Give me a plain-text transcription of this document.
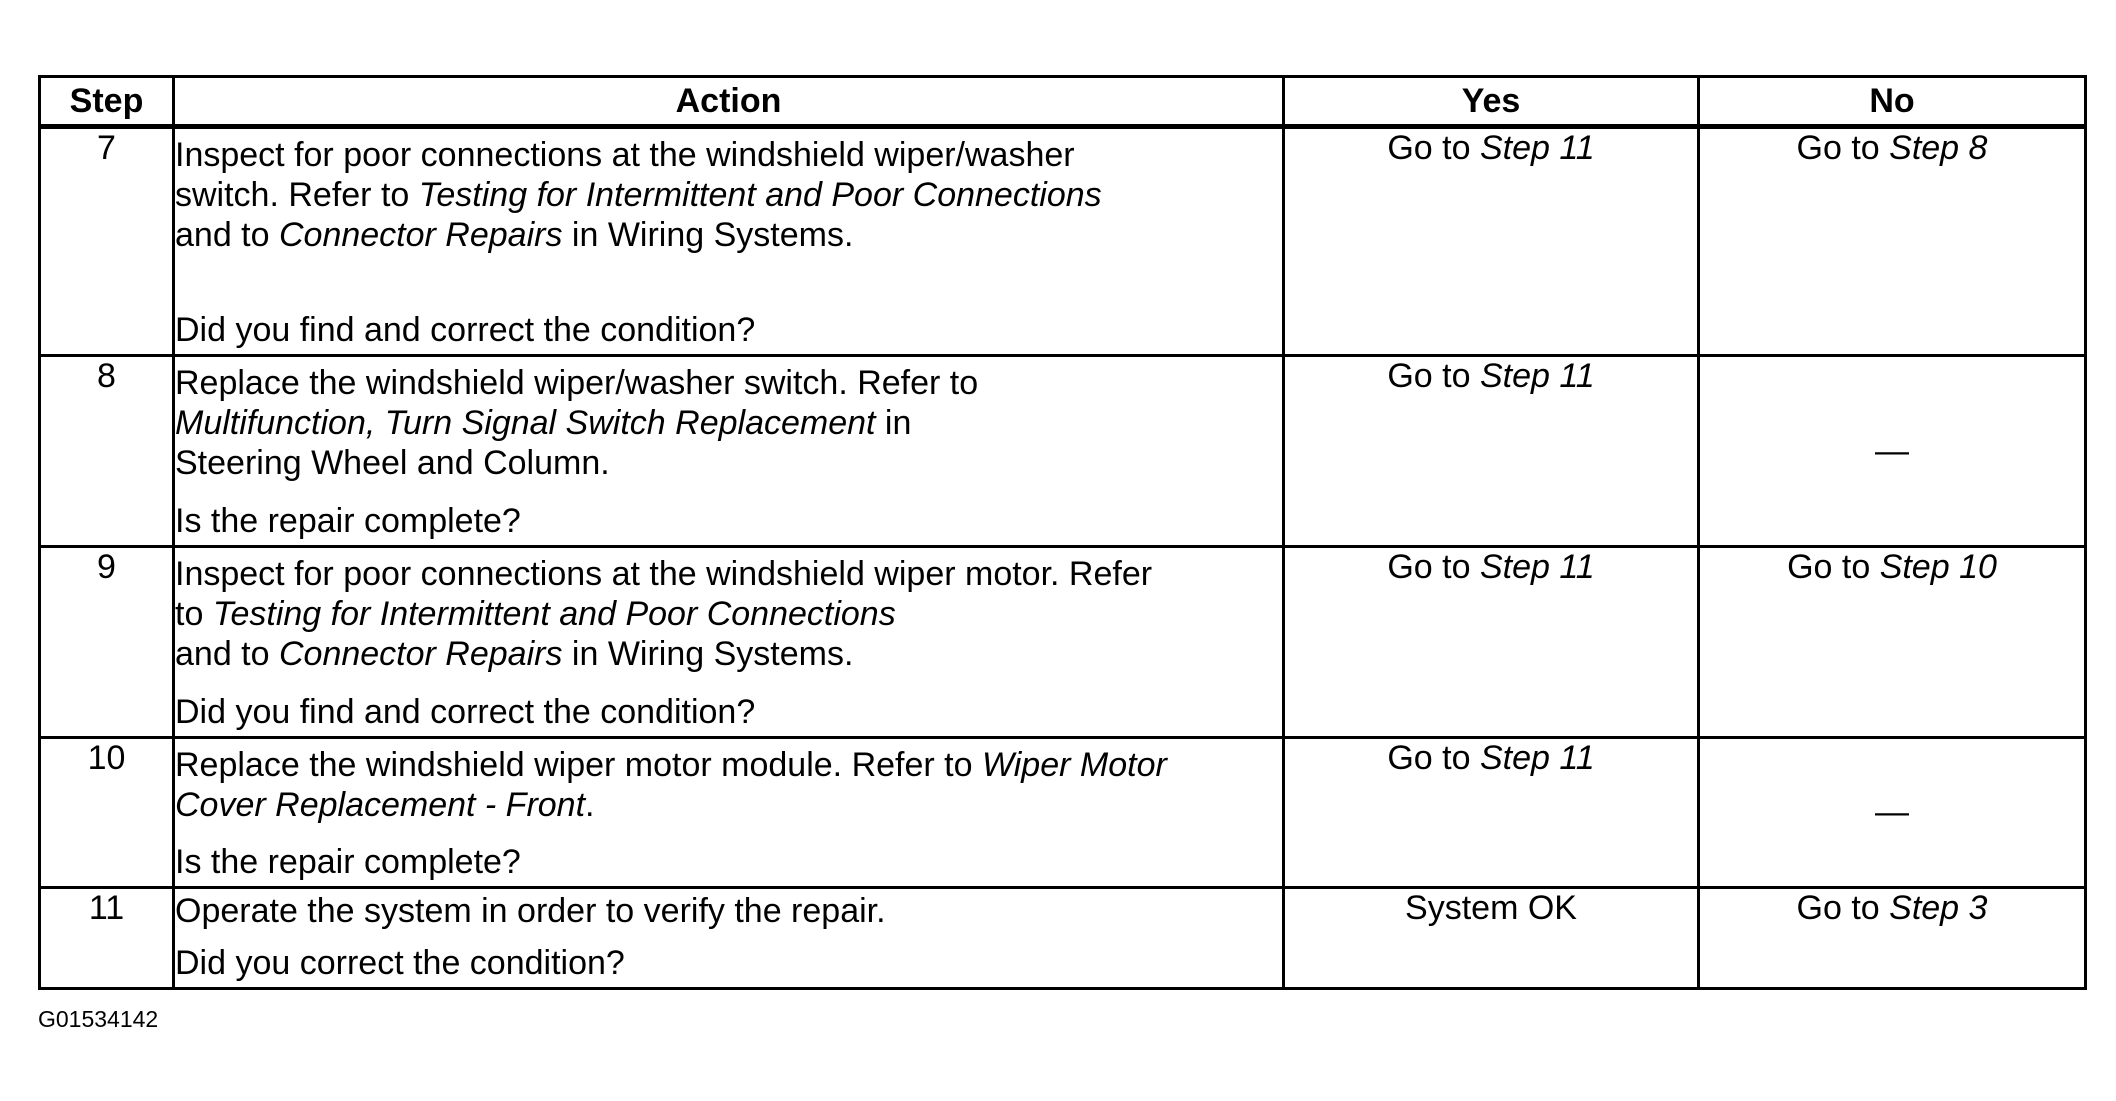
Step	Action	Yes	No
7	Inspect for poor connections at the windshield wiper/washer
switch. Refer to Testing for Intermittent and Poor Connections
and to Connector Repairs in Wiring Systems.
Did you find and correct the condition?	Go to Step 11	Go to Step 8
8	Replace the windshield wiper/washer switch. Refer to
Multifunction, Turn Signal Switch Replacement in
Steering Wheel and Column.
Is the repair complete?	Go to Step 11	—
9	Inspect for poor connections at the windshield wiper motor. Refer
to Testing for Intermittent and Poor Connections
and to Connector Repairs in Wiring Systems.
Did you find and correct the condition?	Go to Step 11	Go to Step 10
10	Replace the windshield wiper motor module. Refer to Wiper Motor
Cover Replacement - Front.
Is the repair complete?	Go to Step 11	—
11	Operate the system in order to verify the repair.
Did you correct the condition?	System OK	Go to Step 3
G01534142
